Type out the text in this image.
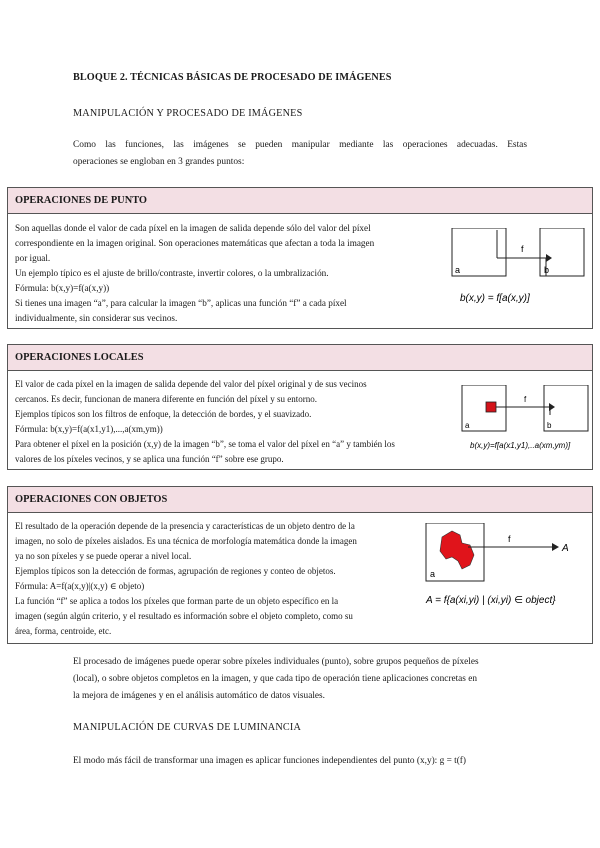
BLOQUE 2. TÉCNICAS BÁSICAS DE PROCESADO DE IMÁGENES
MANIPULACIÓN Y PROCESADO DE IMÁGENES
Como las funciones, las imágenes se pueden manipular mediante las operaciones adecuadas. Estas
operaciones se engloban en 3 grandes puntos:
OPERACIONES DE PUNTO
Son aquellas donde el valor de cada píxel en la imagen de salida depende sólo del valor del píxel
correspondiente en la imagen original. Son operaciones matemáticas que afectan a toda la imagen
por igual.
Un ejemplo típico es el ajuste de brillo/contraste, invertir colores, o la umbralización.
Fórmula: b(x,y)=f(a(x,y))
Si tienes una imagen “a”, para calcular la imagen “b”, aplicas una función “f” a cada píxel
individualmente, sin considerar sus vecinos.
a	b
f
b(x,y) = f[a(x,y)]
OPERACIONES LOCALES
El valor de cada píxel en la imagen de salida depende del valor del píxel original y de sus vecinos
cercanos. Es decir, funcionan de manera diferente en función del píxel y su entorno.
Ejemplos típicos son los filtros de enfoque, la detección de bordes, y el suavizado.
Fórmula: b(x,y)=f(a(x1,y1),...,a(xm,ym))
Para obtener el píxel en la posición (x,y) de la imagen “b”, se toma el valor del píxel en “a” y también los
valores de los píxeles vecinos, y se aplica una función “f” sobre ese grupo.
a	b
f
b(x,y)=f[a(x1,y1),..a(xm,ym)]
OPERACIONES CON OBJETOS
El resultado de la operación depende de la presencia y características de un objeto dentro de la
imagen, no solo de píxeles aislados. Es una técnica de morfología matemática donde la imagen
ya no son píxeles y se puede operar a nivel local.
Ejemplos típicos son la detección de formas, agrupación de regiones y conteo de objetos.
Fórmula: A=f(a(x,y)|(x,y) ∈ objeto)
La función “f” se aplica a todos los píxeles que forman parte de un objeto específico en la
imagen (según algún criterio, y el resultado es información sobre el objeto completo, como su
área, forma, centroide, etc.
a
A
f
A = f{a(xi,yi) | (xi,yi) ∈ object}
El procesado de imágenes puede operar sobre píxeles individuales (punto), sobre grupos pequeños de píxeles
(local), o sobre objetos completos en la imagen, y que cada tipo de operación tiene aplicaciones concretas en
la mejora de imágenes y en el análisis automático de datos visuales.
MANIPULACIÓN DE CURVAS DE LUMINANCIA
El modo más fácil de transformar una imagen es aplicar funciones independientes del punto (x,y): g = t(f)
